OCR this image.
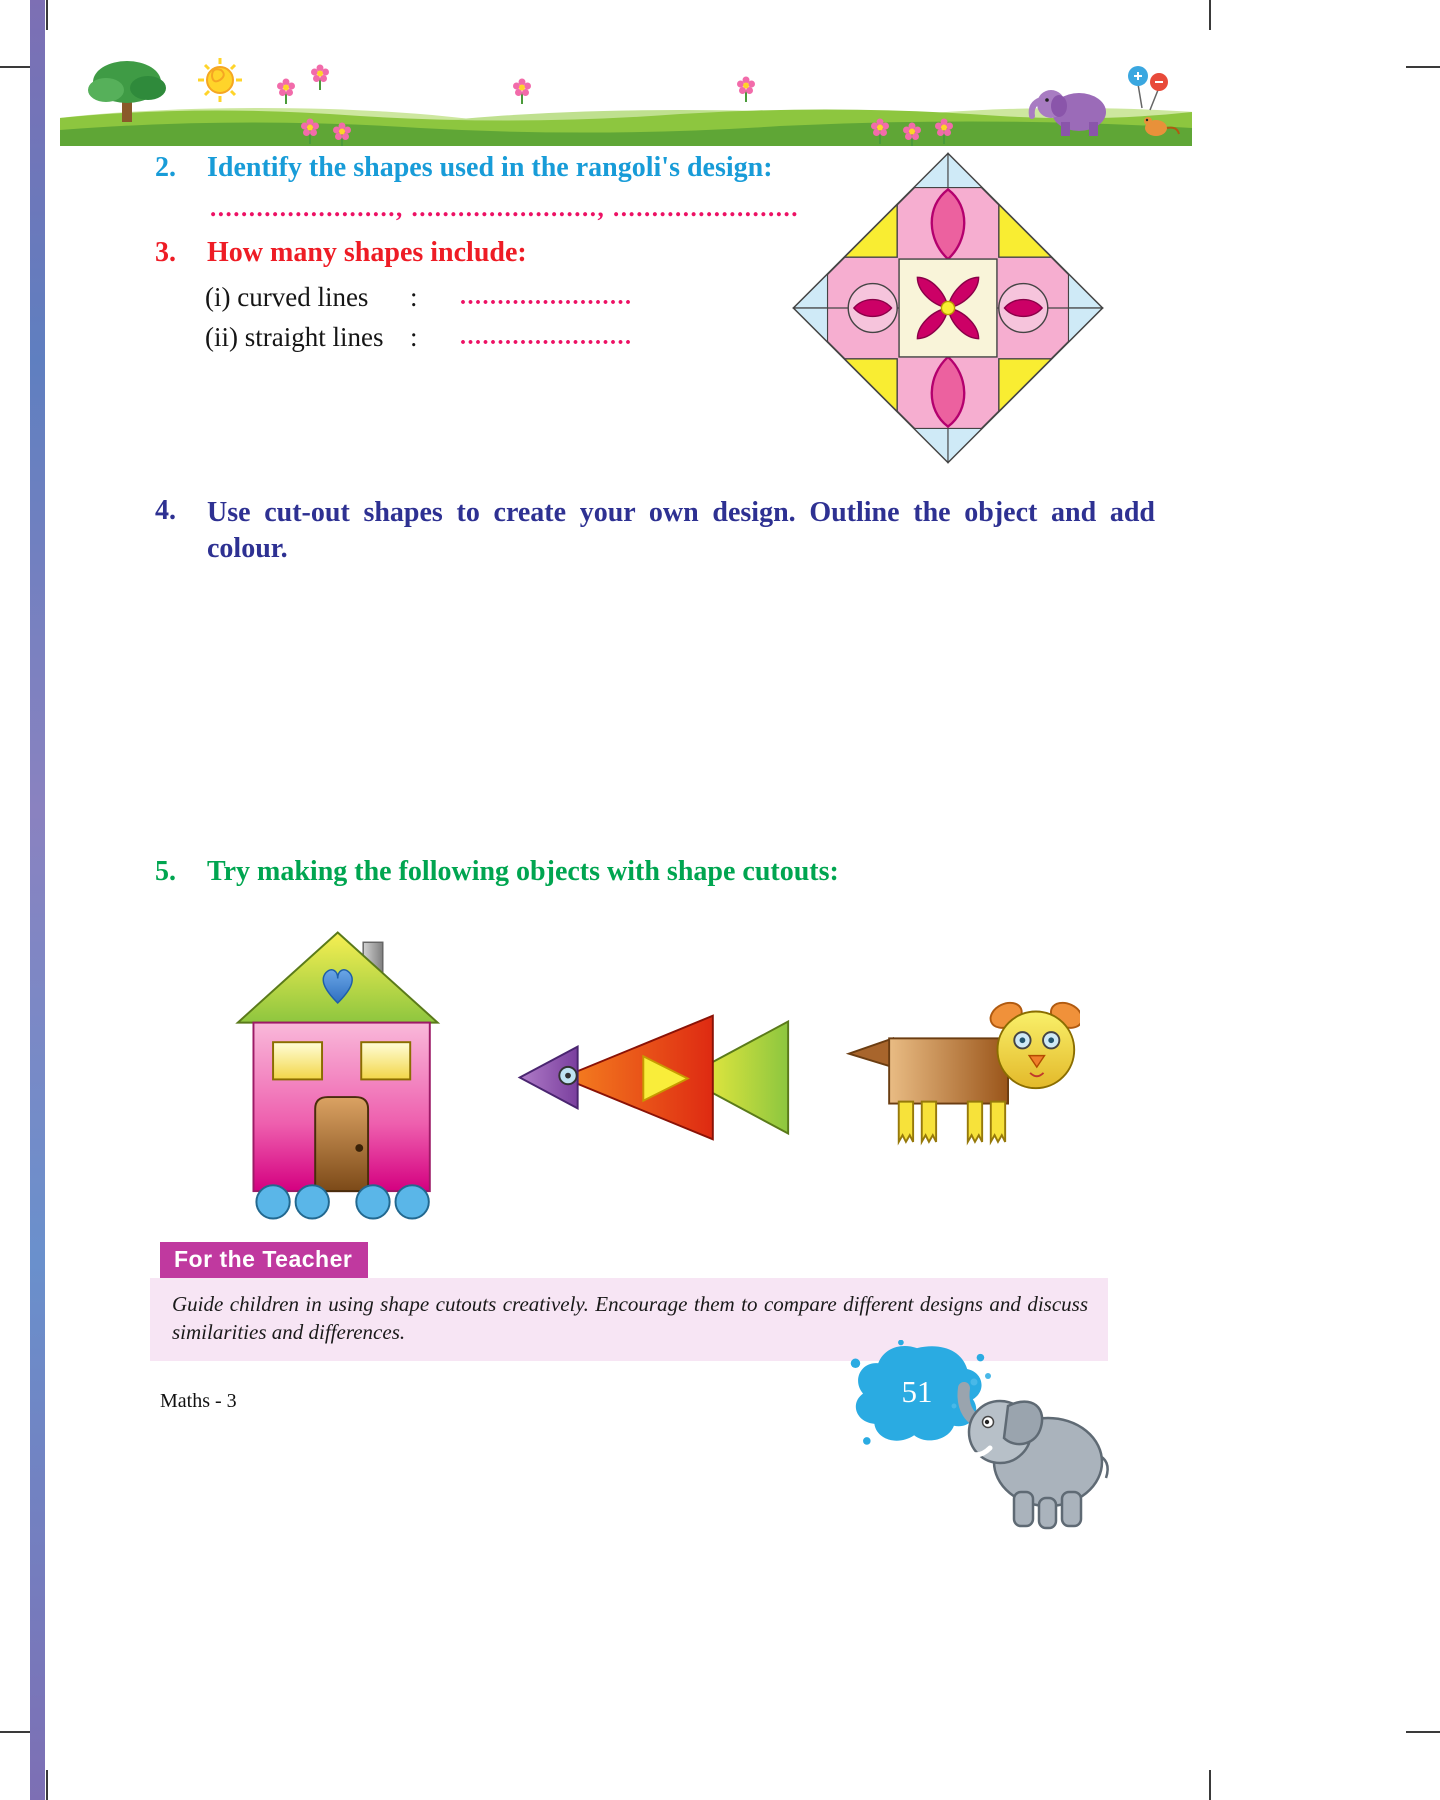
2.	Identify the shapes used in the rangoli's design:
........................, ........................, ........................
3.	How many shapes include:
(i) curved lines	:	.......................
(ii) straight lines :	.......................
4.	Use cut-out shapes to create your own design. Outline the object and add colour.
5.	Try making the following objects with shape cutouts:
For the Teacher
Guide children in using shape cutouts creatively. Encourage them to compare different designs and discuss similarities and differences.
Maths - 3	51
